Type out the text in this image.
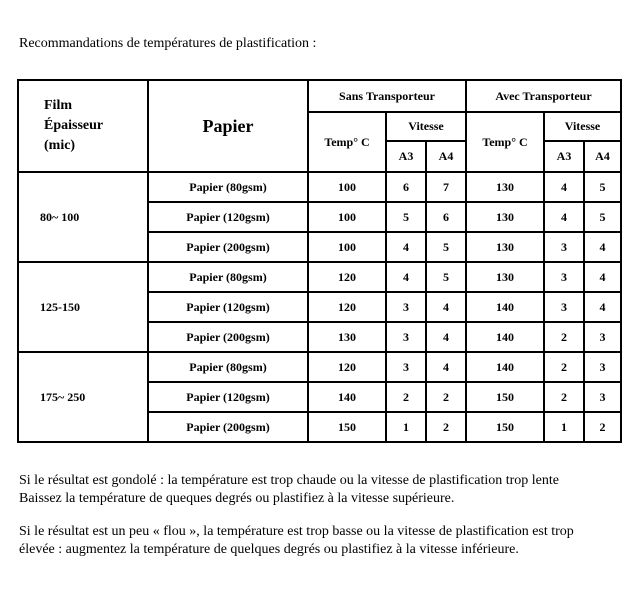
Recommandations de températures de plastification :
Film
Épaisseur
(mic)	Papier	Sans Transporteur			Avec Transporteur		
		Temp° C	Vitesse		Temp° C	Vitesse	
			A3	A4		A3	A4
80~ 100	Papier (80gsm)	100	6	7	130	4	5
	Papier (120gsm)	100	5	6	130	4	5
	Papier (200gsm)	100	4	5	130	3	4
125-150	Papier (80gsm)	120	4	5	130	3	4
	Papier (120gsm)	120	3	4	140	3	4
	Papier (200gsm)	130	3	4	140	2	3
175~ 250	Papier (80gsm)	120	3	4	140	2	3
	Papier (120gsm)	140	2	2	150	2	3
	Papier (200gsm)	150	1	2	150	1	2
Si le résultat est gondolé : la température est trop chaude ou la vitesse de plastification trop lente
Baissez la température de queques degrés ou plastifiez à la vitesse supérieure.
Si le résultat est un peu « flou », la température est trop basse ou la vitesse de plastification est trop
élevée : augmentez la température de quelques degrés ou plastifiez à la vitesse inférieure.
